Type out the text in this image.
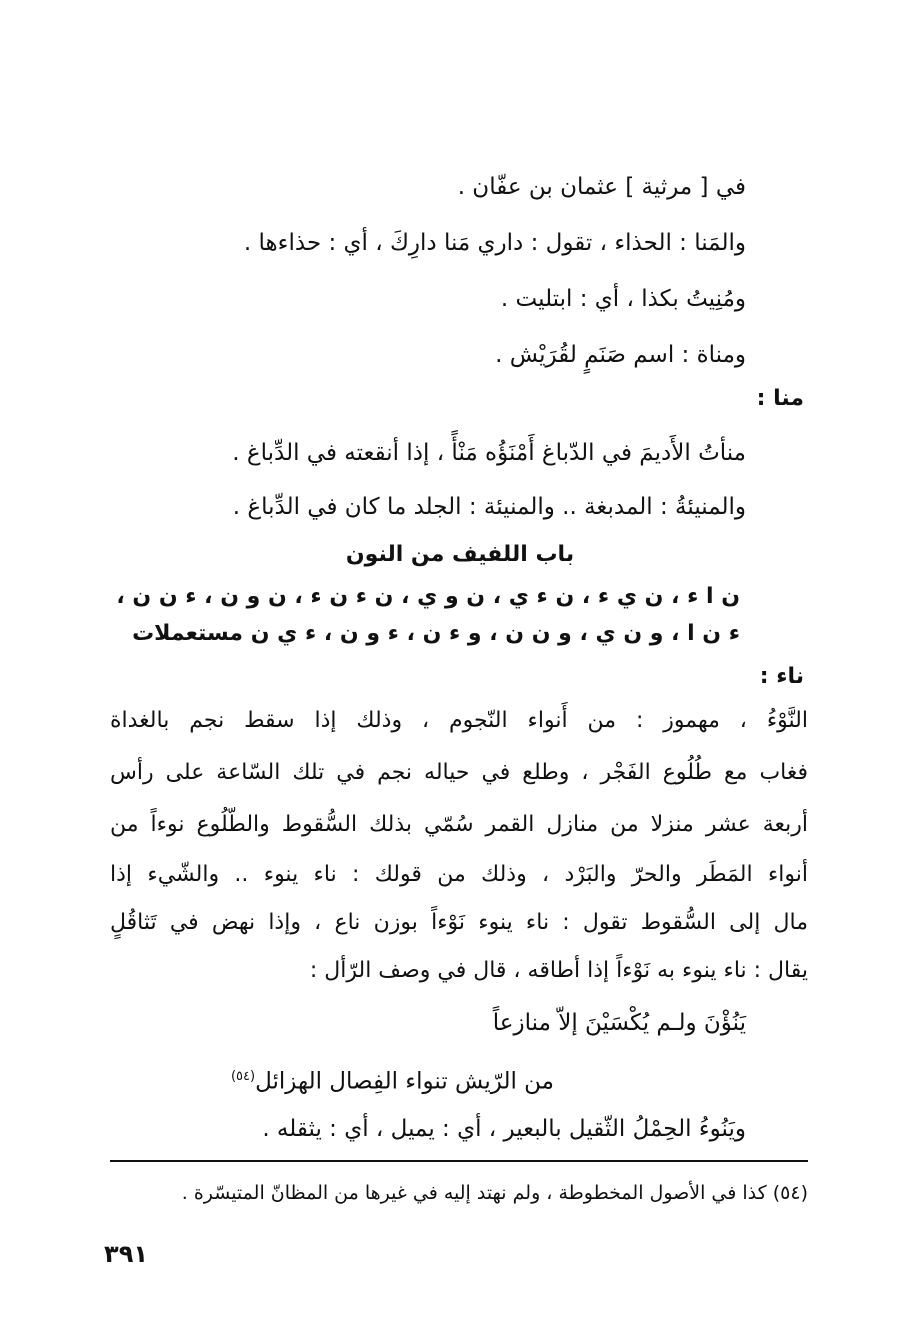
في [ مرثية ] عثمان بن عفّان .
والمَنا : الحذاء ، تقول : داري مَنا دارِكَ ، أي : حذاءها .
ومُنِيتُ بكذا ، أي : ابتليت .
ومناة : اسم صَنَمٍ لقُرَيْش .
منا :
منأتُ الأَديمَ في الدّباغ أَمْنَؤُه مَنْأً ، إذا أنقعته في الدِّباغ .
والمنيئةُ : المدبغة .. والمنيئة : الجلد ما كان في الدِّباغ .
باب اللفيف من النون
ن ا ء ، ن ي ء ، ن ء ي ، ن و ي ، ن ء ن ء ، ن و ن ، ء ن ن ،
ء ن ا ، و ن ي ، و ن ن ، و ء ن ، ء و ن ، ء ي ن مستعملات
ناء :
النَّوْءُ ، مهموز : من أَنواء النّجوم ، وذلك إذا سقط نجم بالغداة
فغاب مع طُلُوع الفَجْر ، وطلع في حياله نجم في تلك السّاعة على رأس
أربعة عشر منزلا من منازل القمر سُمّي بذلك السُّقوط والطّلُوع نوءاً من
أنواء المَطَر والحرّ والبَرْد ، وذلك من قولك : ناء ينوء .. والشّيء إذا
مال إلى السُّقوط تقول : ناء ينوء نَوْءاً بوزن ناع ، وإذا نهض في تَثاقُلٍ
يقال : ناء ينوء به نَوْءاً إذا أطاقه ، قال في وصف الرّأل :
يَنُؤْنَ ولـم يُكْسَيْنَ إلاّ منازعاً
من الرّيش تنواء الفِصال الهزائل$^{(٥٤)}$
ويَنُوءُ الحِمْلُ الثّقيل بالبعير ، أي : يميل ، أي : يثقله .
(٥٤) كذا في الأصول المخطوطة ، ولم نهتد إليه في غيرها من المظانّ المتيسّرة .
٣٩١
